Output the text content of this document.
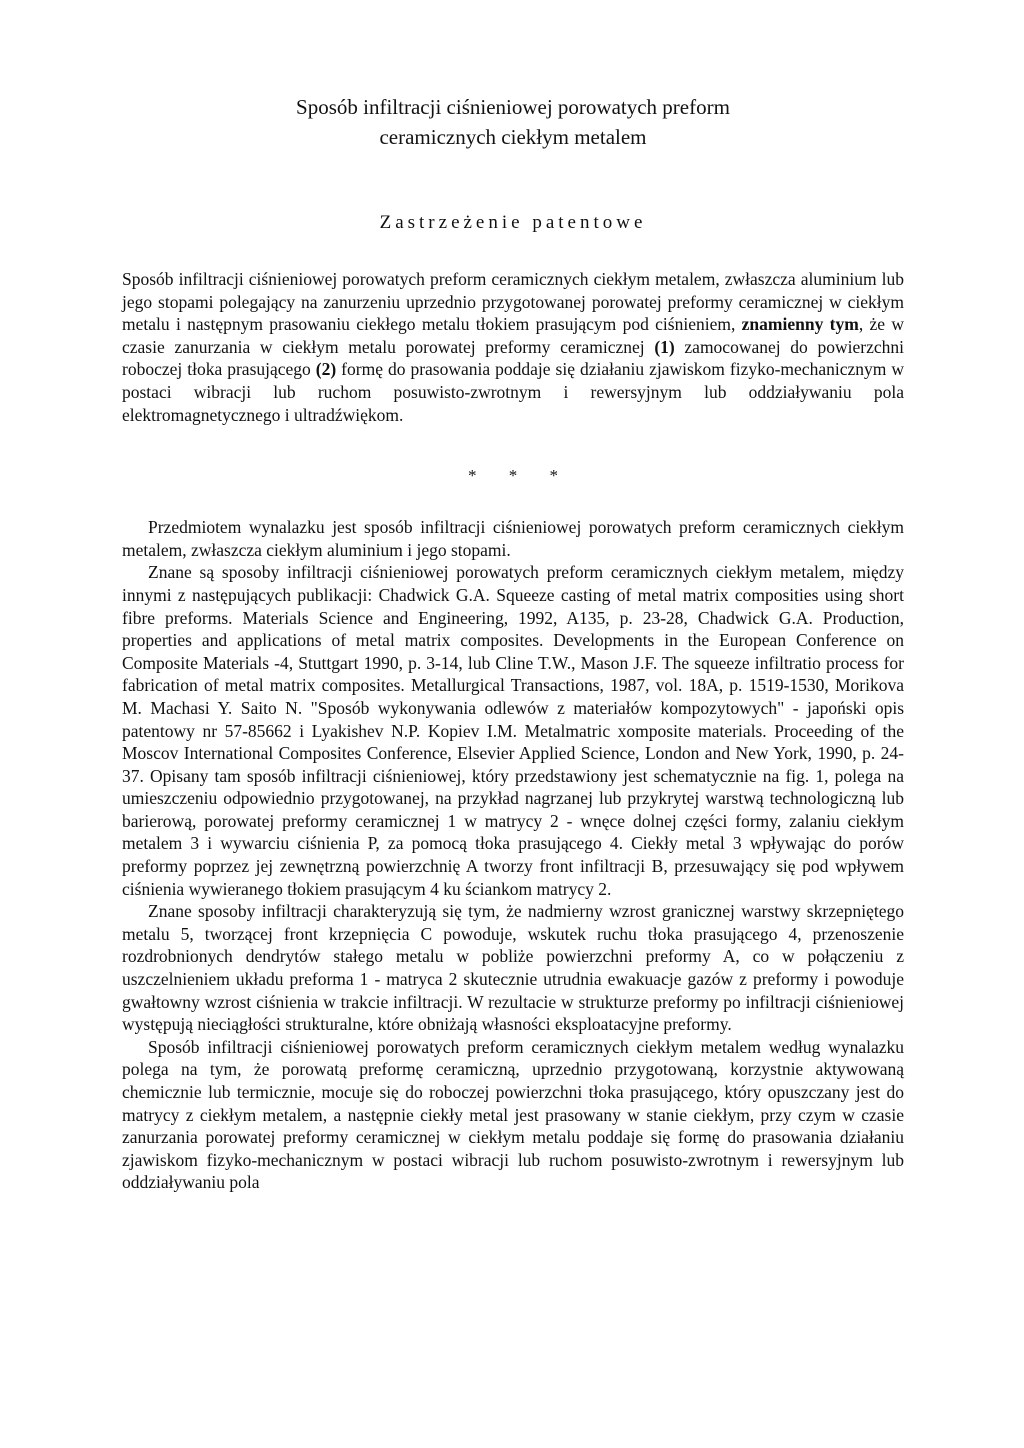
Sposób infiltracji ciśnieniowej porowatych preform
ceramicznych ciekłym metalem
Zastrzeżenie patentowe

Sposób infiltracji ciśnieniowej porowatych preform ceramicznych ciekłym metalem, zwłaszcza aluminium lub jego stopami polegający na zanurzeniu uprzednio przygotowanej porowatej preformy ceramicznej w ciekłym metalu i następnym prasowaniu ciekłego metalu tłokiem prasującym pod ciśnieniem, znamienny tym, że w czasie zanurzania w ciekłym metalu porowatej preformy ceramicznej (1) zamocowanej do powierzchni roboczej tłoka prasującego (2) formę do prasowania poddaje się działaniu zjawiskom fizyko-mechanicznym w postaci wibracji lub ruchom posuwisto-zwrotnym i rewersyjnym lub oddziaływaniu pola elektromagnetycznego i ultradźwiękom.

* * *

Przedmiotem wynalazku jest sposób infiltracji ciśnieniowej porowatych preform ceramicznych ciekłym metalem, zwłaszcza ciekłym aluminium i jego stopami.

Znane są sposoby infiltracji ciśnieniowej porowatych preform ceramicznych ciekłym metalem, między innymi z następujących publikacji: Chadwick G.A. Squeeze casting of metal matrix composities using short fibre preforms. Materials Science and Engineering, 1992, A135, p. 23-28, Chadwick G.A. Production, properties and applications of metal matrix composites. Developments in the European Conference on Composite Materials -4, Stuttgart 1990, p. 3-14, lub Cline T.W., Mason J.F. The squeeze infiltratio process for fabrication of metal matrix composites. Metallurgical Transactions, 1987, vol. 18A, p. 1519-1530, Morikova M. Machasi Y. Saito N. "Sposób wykonywania odlewów z materiałów kompozytowych" - japoński opis patentowy nr 57-85662 i Lyakishev N.P. Kopiev I.M. Metalmatric xomposite materials. Proceeding of the Moscov International Composites Conference, Elsevier Applied Science, London and New York, 1990, p. 24-37. Opisany tam sposób infiltracji ciśnieniowej, który przedstawiony jest schematycznie na fig. 1, polega na umieszczeniu odpowiednio przygotowanej, na przykład nagrzanej lub przykrytej warstwą technologiczną lub barierową, porowatej preformy ceramicznej 1 w matrycy 2 - wnęce dolnej części formy, zalaniu ciekłym metalem 3 i wywarciu ciśnienia P, za pomocą tłoka prasującego 4. Ciekły metal 3 wpływając do porów preformy poprzez jej zewnętrzną powierzchnię A tworzy front infiltracji B, przesuwający się pod wpływem ciśnienia wywieranego tłokiem prasującym 4 ku ściankom matrycy 2.

Znane sposoby infiltracji charakteryzują się tym, że nadmierny wzrost granicznej warstwy skrzepniętego metalu 5, tworzącej front krzepnięcia C powoduje, wskutek ruchu tłoka prasującego 4, przenoszenie rozdrobnionych dendrytów stałego metalu w pobliże powierzchni preformy A, co w połączeniu z uszczelnieniem układu preforma 1 - matryca 2 skutecznie utrudnia ewakuacje gazów z preformy i powoduje gwałtowny wzrost ciśnienia w trakcie infiltracji. W rezultacie w strukturze preformy po infiltracji ciśnieniowej występują nieciągłości strukturalne, które obniżają własności eksploatacyjne preformy.

Sposób infiltracji ciśnieniowej porowatych preform ceramicznych ciekłym metalem według wynalazku polega na tym, że porowatą preformę ceramiczną, uprzednio przygotowaną, korzystnie aktywowaną chemicznie lub termicznie, mocuje się do roboczej powierzchni tłoka prasującego, który opuszczany jest do matrycy z ciekłym metalem, a następnie ciekły metal jest prasowany w stanie ciekłym, przy czym w czasie zanurzania porowatej preformy ceramicznej w ciekłym metalu poddaje się formę do prasowania działaniu zjawiskom fizyko-mechanicznym w postaci wibracji lub ruchom posuwisto-zwrotnym i rewersyjnym lub oddziaływaniu pola
